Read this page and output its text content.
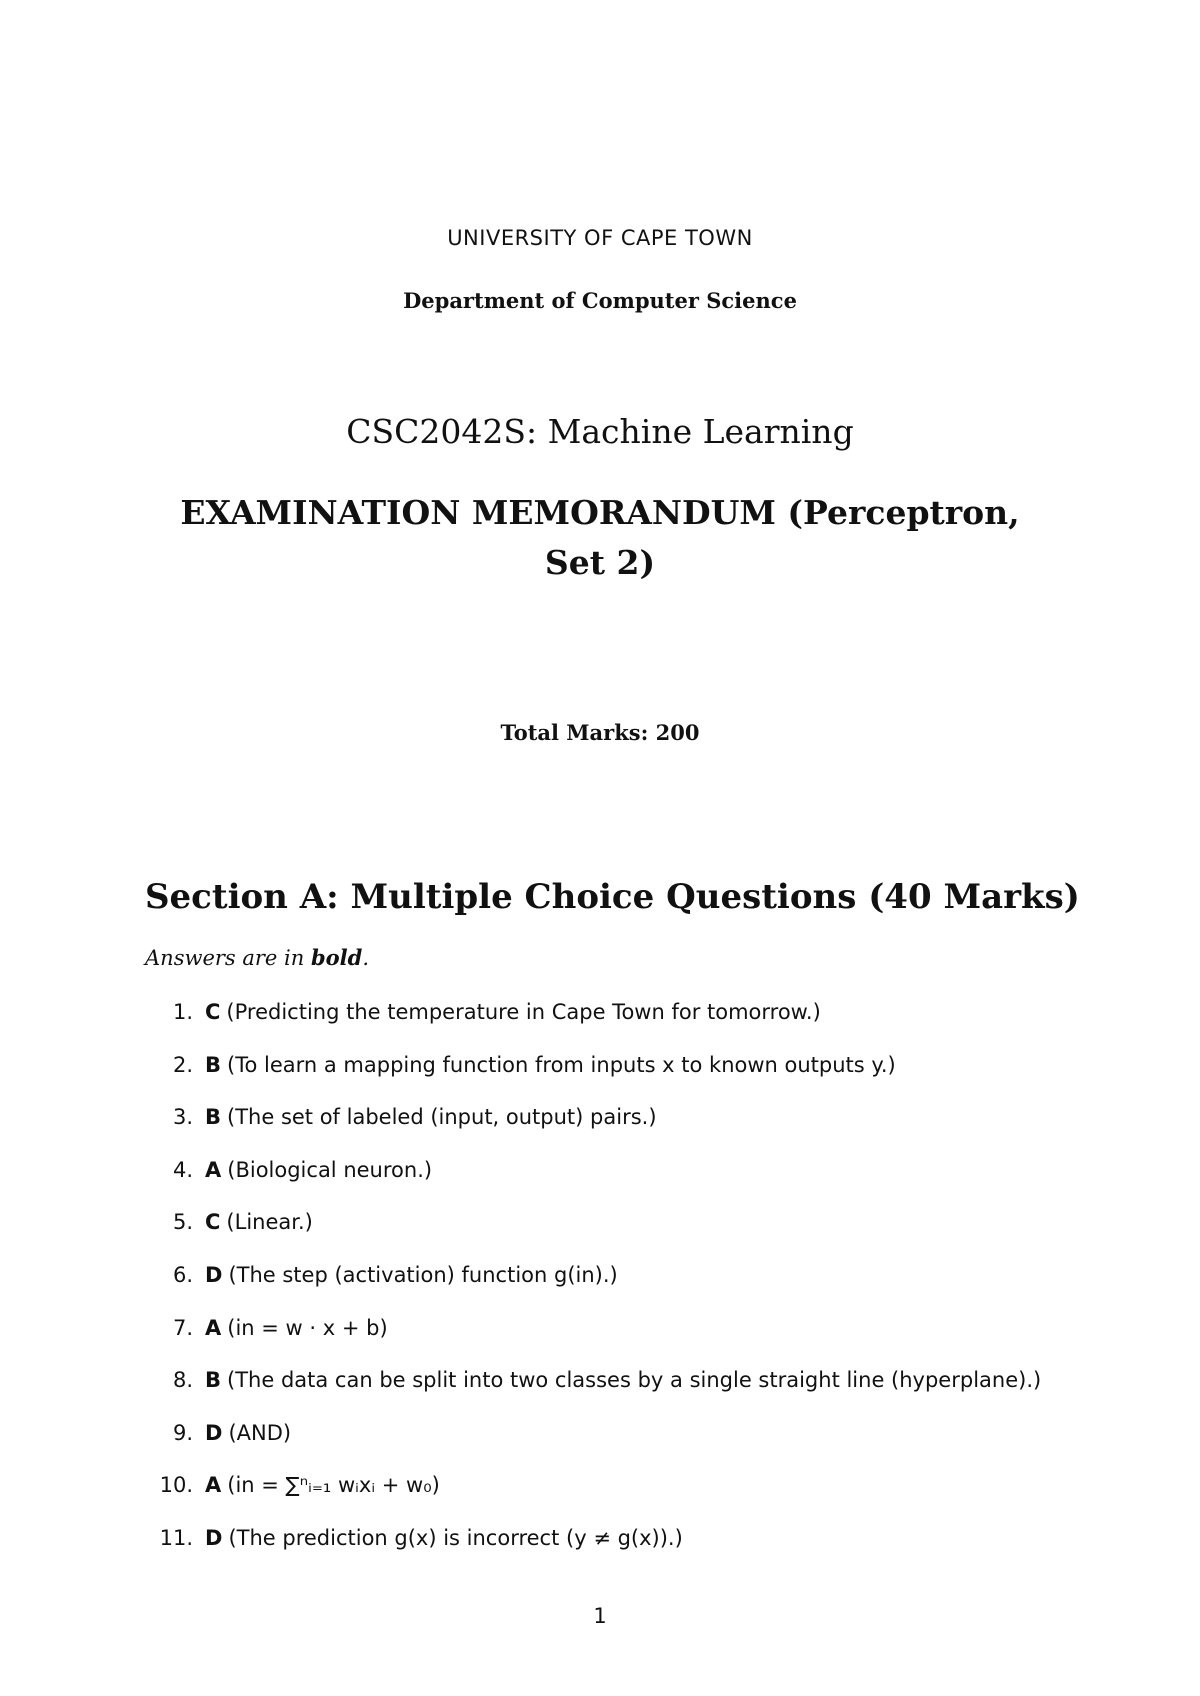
UNIVERSITY OF CAPE TOWN
Department of Computer Science
CSC2042S: Machine Learning
EXAMINATION MEMORANDUM (Perceptron,
Set 2)
Total Marks: 200
Section A: Multiple Choice Questions (40 Marks)
Answers are in bold.
1. C (Predicting the temperature in Cape Town for tomorrow.)
2. B (To learn a mapping function from inputs x to known outputs y.)
3. B (The set of labeled (input, output) pairs.)
4. A (Biological neuron.)
5. C (Linear.)
6. D (The step (activation) function g(in).)
7. A (in = w · x + b)
8. B (The data can be split into two classes by a single straight line (hyperplane).)
9. D (AND)
10. A (in = ∑ⁿᵢ₌₁ wᵢxᵢ + w₀)
11. D (The prediction g(x) is incorrect (y ≠ g(x)).)
1
